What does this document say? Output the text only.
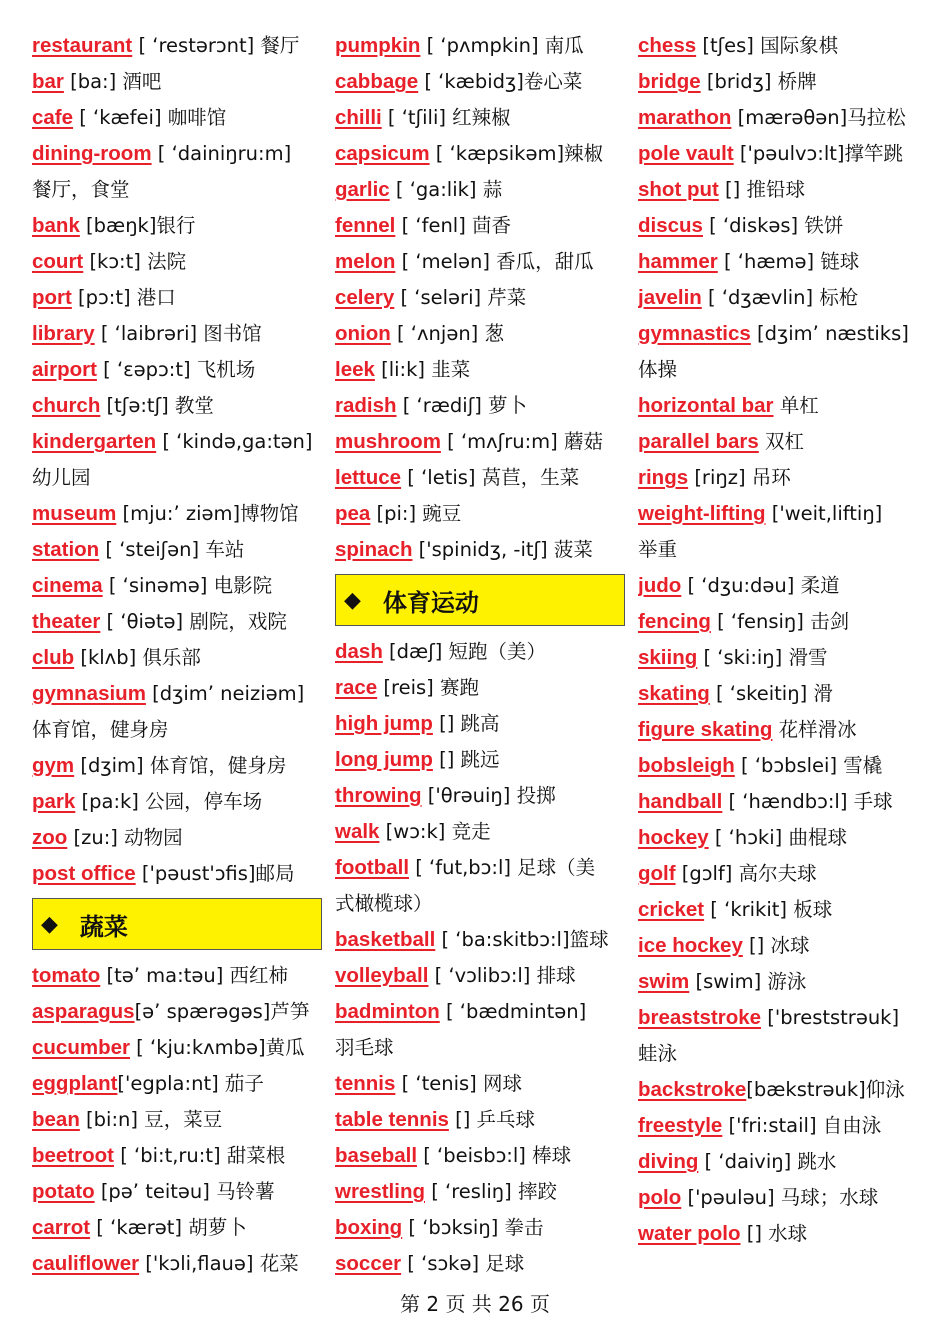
restaurant [ ‘restərɔnt] 餐厅
bar [ba:] 酒吧
cafe [ ‘kæfei] 咖啡馆
dining-room [ ‘dainiŋru:m]
餐厅，食堂
bank [bæŋk]银行
court [kɔ:t] 法院
port [pɔ:t] 港口
library [ ‘laibrəri] 图书馆
airport [ ‘ɛəpɔ:t] 飞机场
church [tʃə:tʃ] 教堂
kindergarten [ ‘kində,ga:tən]
幼儿园
museum [mju:’ ziəm]博物馆
station [ ‘steiʃən] 车站
cinema [ ‘sinəmə] 电影院
theater [ ‘θiətə] 剧院，戏院
club [klʌb] 俱乐部
gymnasium [dʒim’ neiziəm]
体育馆，健身房
gym [dʒim] 体育馆，健身房
park [pa:k] 公园，停车场
zoo [zu:] 动物园
post office ['pəust'ɔfis]邮局
◆ 蔬菜
tomato [tə’ ma:təu] 西红柿
asparagus[ə’ spærəgəs]芦笋
cucumber [ ‘kju:kʌmbə]黄瓜
eggplant['egpla:nt] 茄子
bean [bi:n] 豆，菜豆
beetroot [ ‘bi:t,ru:t] 甜菜根
potato [pə’ teitəu] 马铃薯
carrot [ ‘kærət] 胡萝卜
cauliflower ['kɔli,flauə] 花菜
pumpkin [ ‘pʌmpkin] 南瓜
cabbage [ ‘kæbidʒ]卷心菜
chilli [ ‘tʃili] 红辣椒
capsicum [ ‘kæpsikəm]辣椒
garlic [ ‘ga:lik] 蒜
fennel [ ‘fenl] 茴香
melon [ ‘melən] 香瓜，甜瓜
celery [ ‘seləri] 芹菜
onion [ ‘ʌnjən] 葱
leek [li:k] 韭菜
radish [ ‘rædiʃ] 萝卜
mushroom [ ‘mʌʃru:m] 蘑菇
lettuce [ ‘letis] 莴苣，生菜
pea [pi:] 豌豆
spinach ['spinidʒ, -itʃ] 菠菜
◆ 体育运动
dash [dæʃ] 短跑（美）
race [reis] 赛跑
high jump [] 跳高
long jump [] 跳远
throwing ['θrəuiŋ] 投掷
walk [wɔ:k] 竞走
football [ ‘fut,bɔ:l] 足球（美
式橄榄球）
basketball [ ‘ba:skitbɔ:l]篮球
volleyball [ ‘vɔlibɔ:l] 排球
badminton [ ‘bædmintən]
羽毛球
tennis [ ‘tenis] 网球
table tennis [] 乒乓球
baseball [ ‘beisbɔ:l] 棒球
wrestling [ ‘resliŋ] 摔跤
boxing [ ‘bɔksiŋ] 拳击
soccer [ ‘sɔkə] 足球
chess [tʃes] 国际象棋
bridge [bridʒ] 桥牌
marathon [mærəθən]马拉松
pole vault ['pəulvɔ:lt]撑竿跳
shot put [] 推铅球
discus [ ‘diskəs] 铁饼
hammer [ ‘hæmə] 链球
javelin [ ‘dʒævlin] 标枪
gymnastics [dʒim’ næstiks]
体操
horizontal bar 单杠
parallel bars 双杠
rings [riŋz] 吊环
weight-lifting ['weit,liftiŋ]
举重
judo [ ‘dʒu:dəu] 柔道
fencing [ ‘fensiŋ] 击剑
skiing [ ‘ski:iŋ] 滑雪
skating [ ‘skeitiŋ] 滑
figure skating 花样滑冰
bobsleigh [ ‘bɔbslei] 雪橇
handball [ ‘hændbɔ:l] 手球
hockey [ ‘hɔki] 曲棍球
golf [gɔlf] 高尔夫球
cricket [ ‘krikit] 板球
ice hockey [] 冰球
swim [swim] 游泳
breaststroke ['breststrəuk]
蛙泳
backstroke[bækstrəuk]仰泳
freestyle ['fri:stail] 自由泳
diving [ ‘daiviŋ] 跳水
polo ['pəuləu] 马球；水球
water polo [] 水球
第 2 页 共 26 页
